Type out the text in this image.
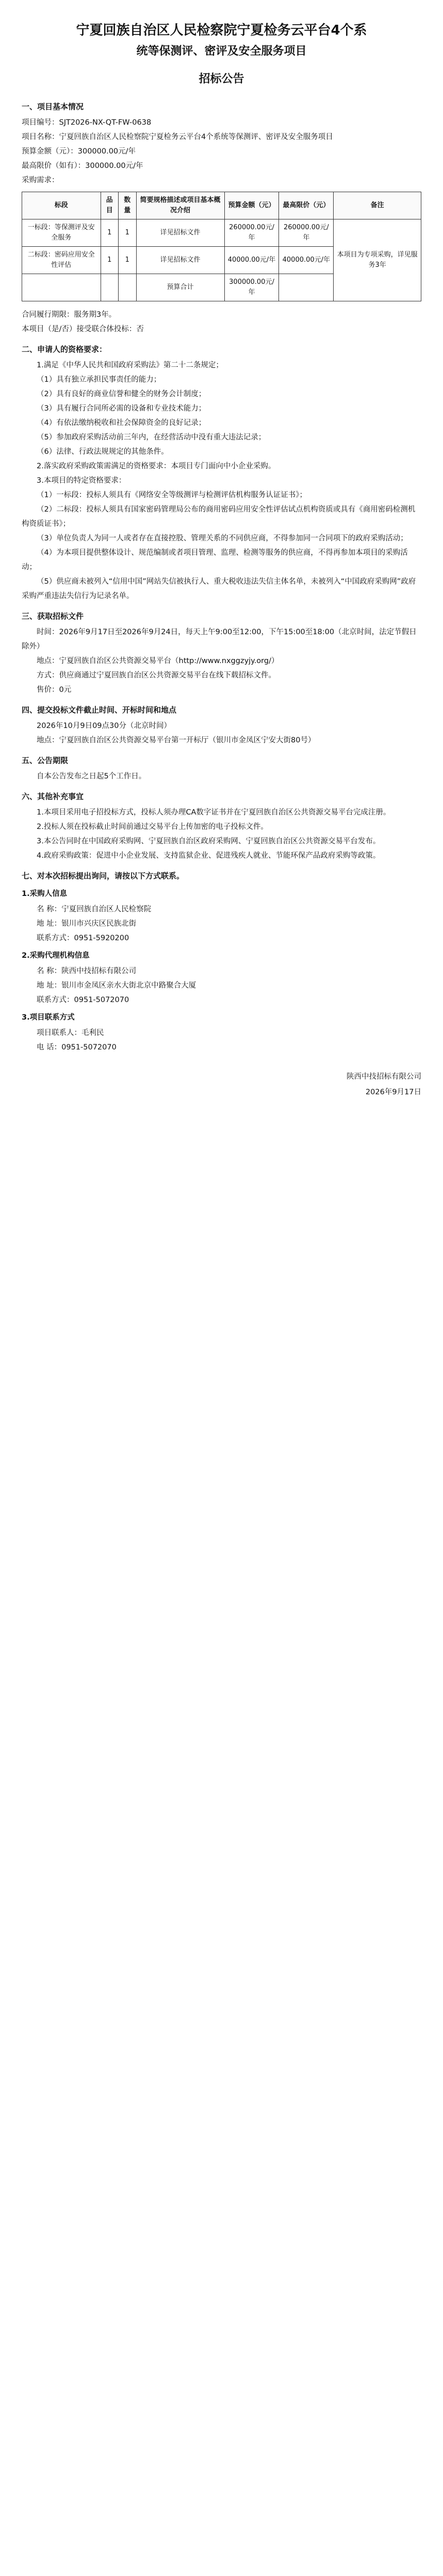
宁夏回族自治区人民检察院宁夏检务云平台4个系
统等保测评、密评及安全服务项目
招标公告
一、项目基本情况

项目编号：SJT2026-NX-QT-FW-0638

项目名称：宁夏回族自治区人民检察院宁夏检务云平台4个系统等保测评、密评及安全服务项目

预算金额（元）：300000.00元/年

最高限价（如有）：300000.00元/年

采购需求：

标段	品目	数量	简要规格描述或项目基本概况介绍	预算金额（元）	最高限价（元）	备注
一标段：等保测评及安全服务	1	1	详见招标文件	260000.00元/年	260000.00元/年	本项目为专项采购，详见服务3年
二标段：密码应用安全性评估	1	1	详见招标文件	40000.00元/年	40000.00元/年	
			预算合计	300000.00元/年		

合同履行期限：服务期3年。

本项目（是/否）接受联合体投标：否

二、申请人的资格要求：

1.满足《中华人民共和国政府采购法》第二十二条规定；

（1）具有独立承担民事责任的能力；

（2）具有良好的商业信誉和健全的财务会计制度；

（3）具有履行合同所必需的设备和专业技术能力；

（4）有依法缴纳税收和社会保障资金的良好记录；

（5）参加政府采购活动前三年内，在经营活动中没有重大违法记录；

（6）法律、行政法规规定的其他条件。

2.落实政府采购政策需满足的资格要求：本项目专门面向中小企业采购。

3.本项目的特定资格要求：

（1）一标段：投标人须具有《网络安全等级测评与检测评估机构服务认证证书》；

（2）二标段：投标人须具有国家密码管理局公布的商用密码应用安全性评估试点机构资质或具有《商用密码检测机构资质证书》；

（3）单位负责人为同一人或者存在直接控股、管理关系的不同供应商，不得参加同一合同项下的政府采购活动；

（4）为本项目提供整体设计、规范编制或者项目管理、监理、检测等服务的供应商，不得再参加本项目的采购活动；

（5）供应商未被列入“信用中国”网站失信被执行人、重大税收违法失信主体名单，未被列入“中国政府采购网”政府采购严重违法失信行为记录名单。

三、获取招标文件

时间：2026年9月17日至2026年9月24日，每天上午9:00至12:00，下午15:00至18:00（北京时间，法定节假日除外）

地点：宁夏回族自治区公共资源交易平台（http://www.nxggzyjy.org/）

方式：供应商通过宁夏回族自治区公共资源交易平台在线下载招标文件。

售价：0元

四、提交投标文件截止时间、开标时间和地点

2026年10月9日09点30分（北京时间）

地点：宁夏回族自治区公共资源交易平台第一开标厅（银川市金凤区宁安大街80号）

五、公告期限

自本公告发布之日起5个工作日。

六、其他补充事宜

1.本项目采用电子招投标方式，投标人须办理CA数字证书并在宁夏回族自治区公共资源交易平台完成注册。

2.投标人须在投标截止时间前通过交易平台上传加密的电子投标文件。

3.本公告同时在中国政府采购网、宁夏回族自治区政府采购网、宁夏回族自治区公共资源交易平台发布。

4.政府采购政策：促进中小企业发展、支持监狱企业、促进残疾人就业、节能环保产品政府采购等政策。

七、对本次招标提出询问，请按以下方式联系。
1.采购人信息

名 称：宁夏回族自治区人民检察院

地 址：银川市兴庆区民族北街

联系方式：0951-5920200

2.采购代理机构信息

名 称：陕西中技招标有限公司

地 址：银川市金凤区亲水大街北京中路聚合大厦

联系方式：0951-5072070

3.项目联系方式

项目联系人：毛利民

电 话：0951-5072070

陕西中技招标有限公司
2026年9月17日
